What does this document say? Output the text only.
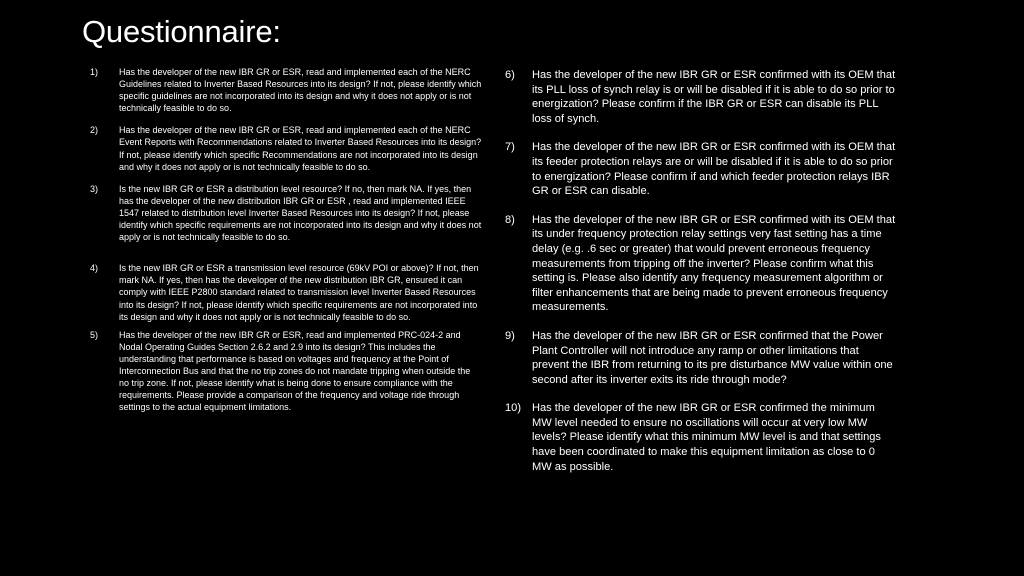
Questionnaire:
1)	Has the developer of the new IBR GR or ESR, read and implemented each of the NERC Guidelines related to Inverter Based Resources into its design? If not, please identify which specific guidelines are not incorporated into its design and why it does not apply or is not technically feasible to do so.
2)	Has the developer of the new IBR GR or ESR, read and implemented each of the NERC Event Reports with Recommendations related to Inverter Based Resources into its design? If not, please identify which specific Recommendations are not incorporated into its design and why it does not apply or is not technically feasible to do so.
3)	Is the new IBR GR or ESR a distribution level resource? If no, then mark NA. If yes, then has the developer of the new distribution IBR GR or ESR , read and implemented IEEE 1547 related to distribution level Inverter Based Resources into its design? If not, please identify which specific requirements are not incorporated into its design and why it does not apply or is not technically feasible to do so.
4)	Is the new IBR GR or ESR a transmission level resource (69kV POI or above)? If not, then mark NA. If yes, then has the developer of the new distribution IBR GR, ensured it can comply with IEEE P2800 standard related to transmission level Inverter Based Resources into its design? If not, please identify which specific requirements are not incorporated into its design and why it does not apply or is not technically feasible to do so.
5)	Has the developer of the new IBR GR or ESR, read and implemented PRC-024-2 and Nodal Operating Guides Section 2.6.2 and 2.9 into its design? This includes the understanding that performance is based on voltages and frequency at the Point of Interconnection Bus and that the no trip zones do not mandate tripping when outside the no trip zone. If not, please identify what is being done to ensure compliance with the requirements. Please provide a comparison of the frequency and voltage ride through settings to the actual equipment limitations.
6)	Has the developer of the new IBR GR or ESR confirmed with its OEM that its PLL loss of synch relay is or will be disabled if it is able to do so prior to energization? Please confirm if the IBR GR or ESR can disable its PLL loss of synch.
7)	Has the developer of the new IBR GR or ESR confirmed with its OEM that its feeder protection relays are or will be disabled if it is able to do so prior to energization? Please confirm if and which feeder protection relays IBR GR or ESR can disable.
8)	Has the developer of the new IBR GR or ESR confirmed with its OEM that its under frequency protection relay settings very fast setting has a time delay (e.g. .6 sec or greater) that would prevent erroneous frequency measurements from tripping off the inverter? Please confirm what this setting is. Please also identify any frequency measurement algorithm or filter enhancements that are being made to prevent erroneous frequency measurements.
9)	Has the developer of the new IBR GR or ESR confirmed that the Power Plant Controller will not introduce any ramp or other limitations that prevent the IBR from returning to its pre disturbance MW value within one second after its inverter exits its ride through mode?
10) Has the developer of the new IBR GR or ESR confirmed the minimum MW level needed to ensure no oscillations will occur at very low MW levels? Please identify what this minimum MW level is and that settings have been coordinated to make this equipment limitation as close to 0 MW as possible.
